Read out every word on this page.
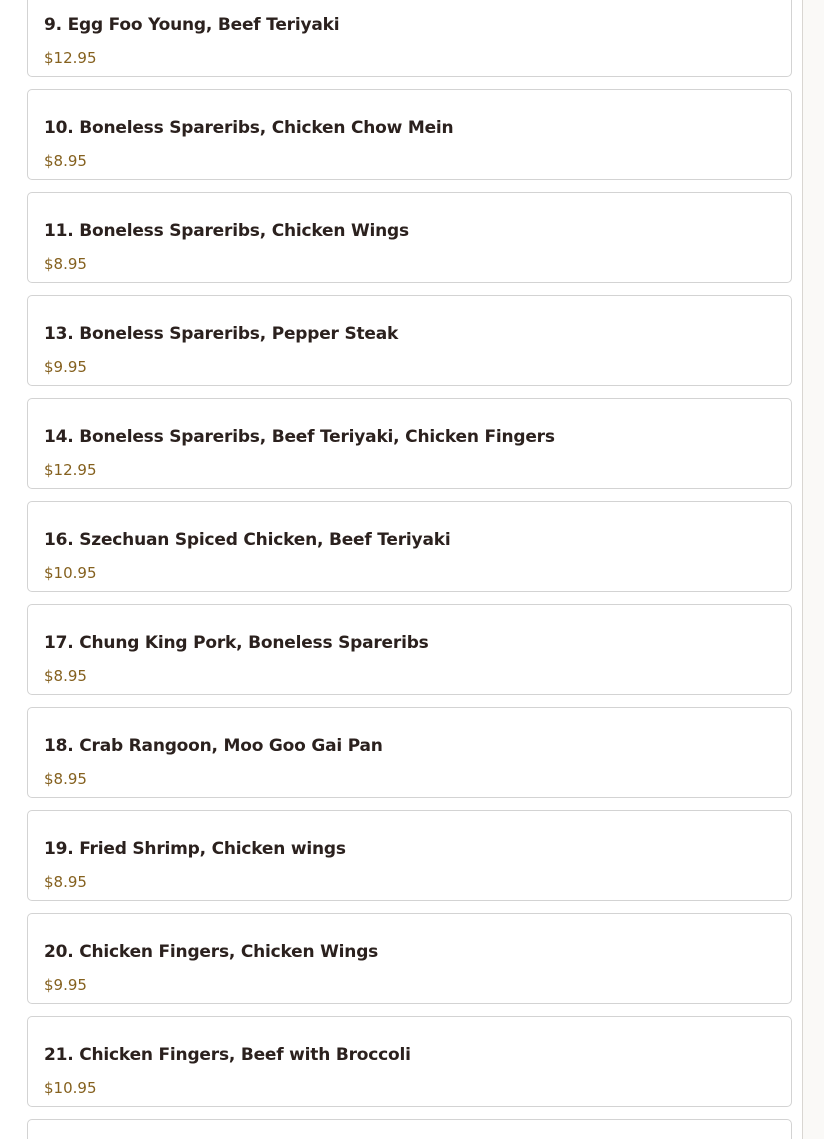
9. Egg Foo Young, Beef Teriyaki
$12.95
10. Boneless Spareribs, Chicken Chow Mein
$8.95
11. Boneless Spareribs, Chicken Wings
$8.95
13. Boneless Spareribs, Pepper Steak
$9.95
14. Boneless Spareribs, Beef Teriyaki, Chicken Fingers
$12.95
16. Szechuan Spiced Chicken, Beef Teriyaki
$10.95
17. Chung King Pork, Boneless Spareribs
$8.95
18. Crab Rangoon, Moo Goo Gai Pan
$8.95
19. Fried Shrimp, Chicken wings
$8.95
20. Chicken Fingers, Chicken Wings
$9.95
21. Chicken Fingers, Beef with Broccoli
$10.95
